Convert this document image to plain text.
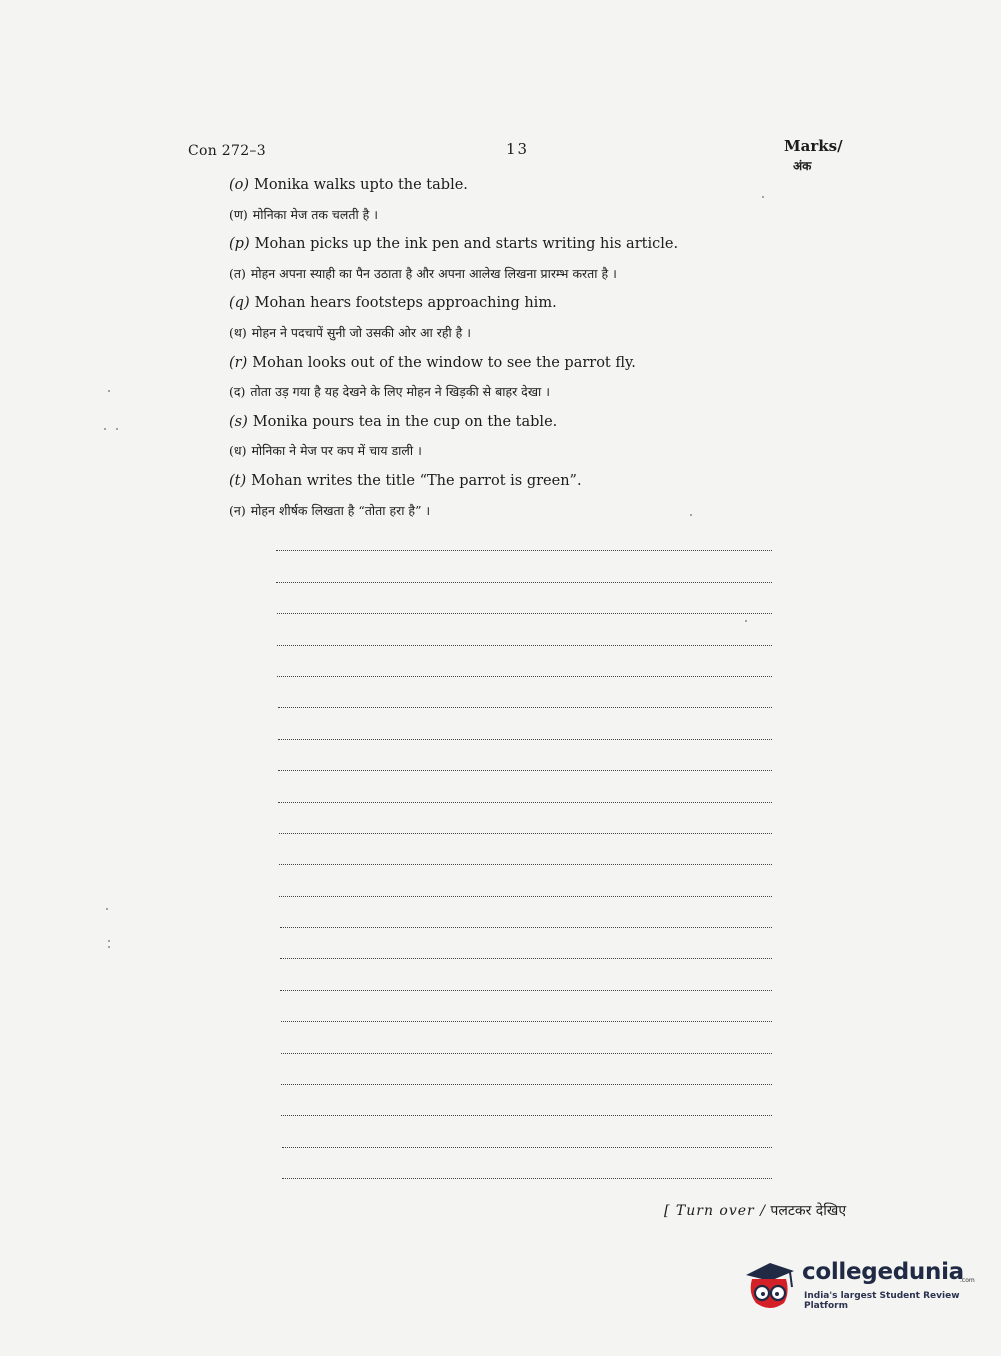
Con 272–3	13	Marks/
अंक
(o) Monika walks upto the table.
(ण) मोनिका मेज तक चलती है ।
(p) Mohan picks up the ink pen and starts writing his article.
(त) मोहन अपना स्याही का पैन उठाता है और अपना आलेख लिखना प्रारम्भ करता है ।
(q) Mohan hears footsteps approaching him.
(थ) मोहन ने पदचापें सुनी जो उसकी ओर आ रही है ।
(r) Mohan looks out of the window to see the parrot fly.
(द) तोता उड़ गया है यह देखने के लिए मोहन ने खिड़की से बाहर देखा ।
(s) Monika pours tea in the cup on the table.
(ध) मोनिका ने मेज पर कप में चाय डाली ।
(t) Mohan writes the title “The parrot is green”.
(न) मोहन शीर्षक लिखता है “तोता हरा है” ।
[ Turn over / पलटकर देखिए
collegedunia
.com
India's largest Student Review Platform
